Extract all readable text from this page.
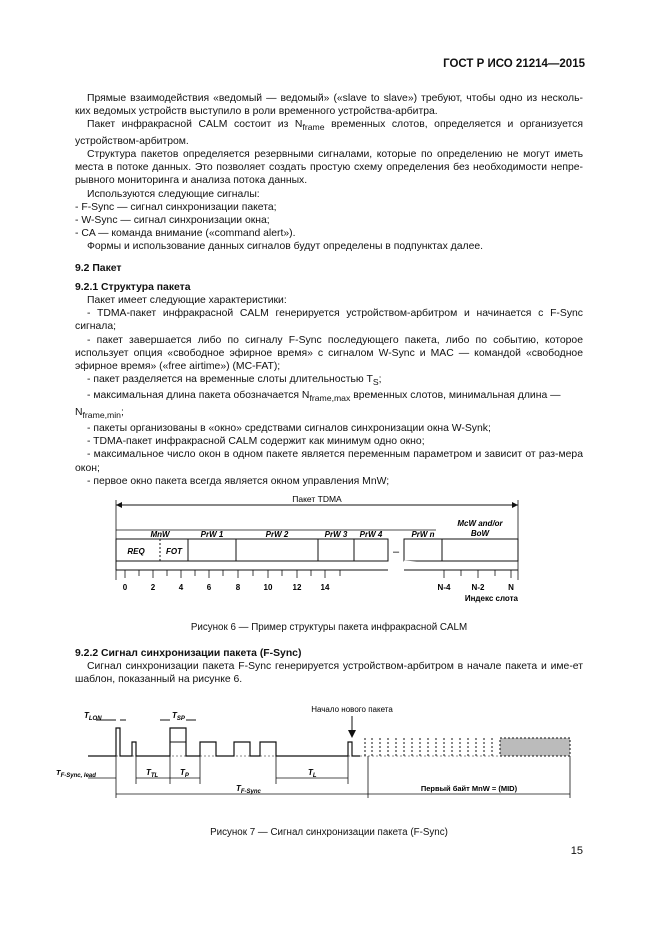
ГОСТ Р ИСО 21214—2015

Прямые взаимодействия «ведомый — ведомый» («slave to slave») требуют, чтобы одно из несколь-ких ведомых устройств выступило в роли временного устройства-арбитра.

Пакет инфракрасной CALM состоит из $N_{frame}$ временных слотов, определяется и организуется устройством-арбитром.

Структура пакетов определяется резервными сигналами, которые по определению не могут иметь места в потоке данных. Это позволяет создать простую схему определения без необходимости непре-рывного мониторинга и анализа потока данных.

Используются следующие сигналы:

- F-Sync — сигнал синхронизации пакета;

- W-Sync — сигнал синхронизации окна;

- CA — команда внимание («command alert»).

Формы и использование данных сигналов будут определены в подпунктах далее.

9.2 Пакет

9.2.1 Структура пакета

Пакет имеет следующие характеристики:

- TDMA-пакет инфракрасной CALM генерируется устройством-арбитром и начинается с F-Sync сигнала;

- пакет завершается либо по сигналу F-Sync последующего пакета, либо по событию, которое использует опция «свободное эфирное время» с сигналом W-Sync и MAC — командой «свободное эфирное время» («free airtime») (MC-FAT);

- пакет разделяется на временные слоты длительностью $T_S$;

- максимальная длина пакета обозначается $N_{frame,max}$ временных слотов, минимальная длина —

$N_{frame,min}$;

- пакеты организованы в «окно» средствами сигналов синхронизации окна W-Synk;

- TDMA-пакет инфракрасной CALM содержит как минимум одно окно;

- максимальное число окон в одном пакете является переменным параметром и зависит от раз-мера окон;

- первое окно пакета всегда является окном управления MnW;

Пакет TDMA
REQ	FOT
MnW	PrW 1	PrW 2	PrW 3 PrW 4	PrW n
McW and/or
BoW
–
0	2	4	6	8	10	12 14	N-4	N-2	N
Индекс слота

Рисунок 6 — Пример структуры пакета инфракрасной CALM

9.2.2 Сигнал синхронизации пакета (F-Sync)

Сигнал синхронизации пакета F-Sync генерируется устройством-арбитром в начале пакета и име-ет шаблон, показанный на рисунке 6.

Начало нового пакета
$T_{LON}$	$T_{SP}$
$T_{F-Sync, lead}$	$T_{TL}$	$T_P$	$T_L$
$T_{F-Sync}$	Первый байт MnW = (MID)

Рисунок 7 — Сигнал синхронизации пакета (F-Sync)

15
